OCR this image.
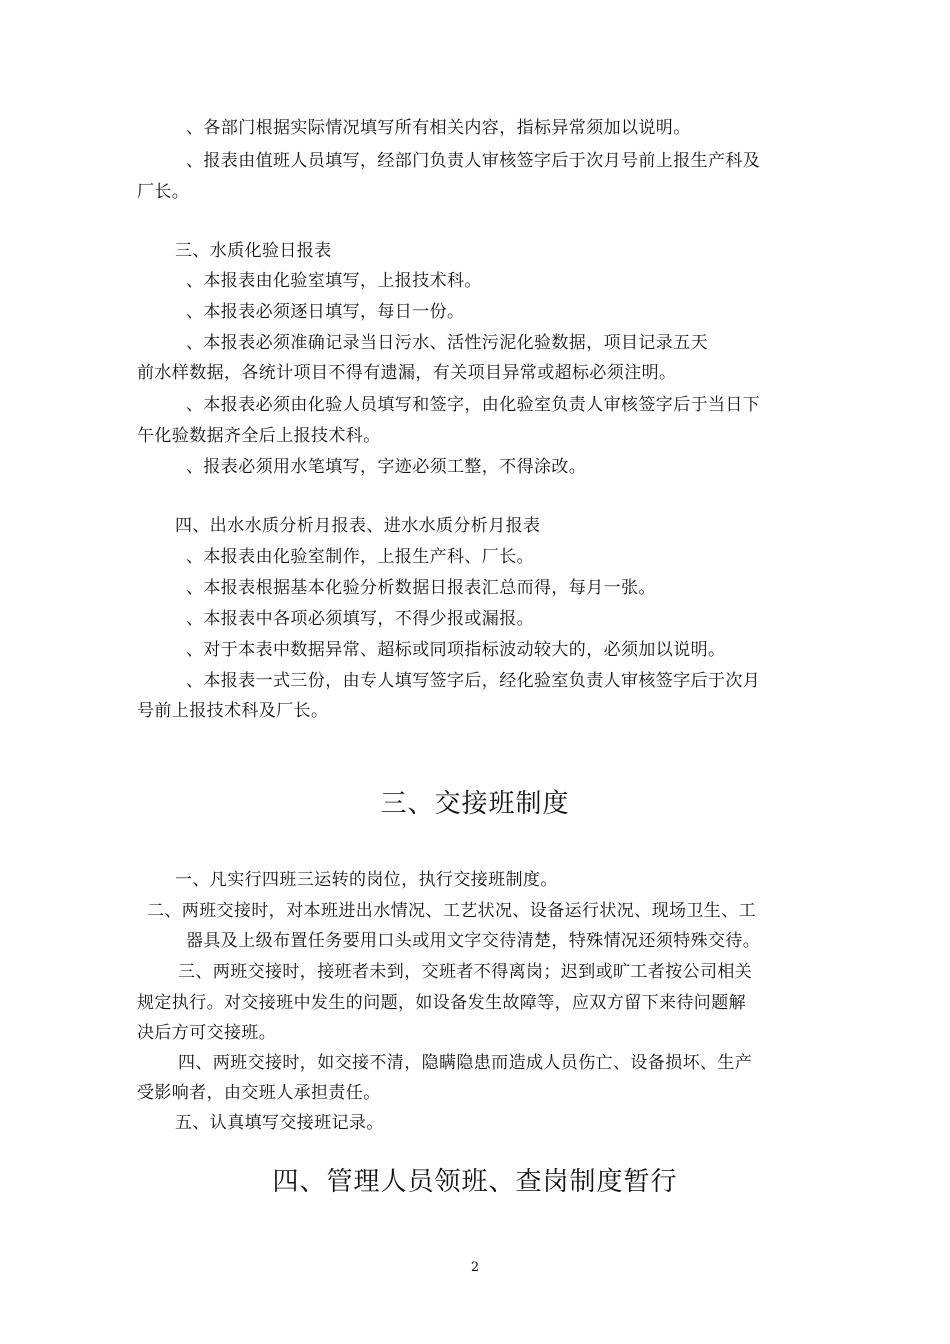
、各部门根据实际情况填写所有相关内容，指标异常须加以说明。
、报表由值班人员填写，经部门负责人审核签字后于次月号前上报生产科及
厂长。
三、水质化验日报表
、本报表由化验室填写，上报技术科。
、本报表必须逐日填写，每日一份。
、本报表必须准确记录当日污水、活性污泥化验数据，项目记录五天
前水样数据，各统计项目不得有遗漏，有关项目异常或超标必须注明。
、本报表必须由化验人员填写和签字，由化验室负责人审核签字后于当日下
午化验数据齐全后上报技术科。
、报表必须用水笔填写，字迹必须工整，不得涂改。
四、出水水质分析月报表、进水水质分析月报表
、本报表由化验室制作，上报生产科、厂长。
、本报表根据基本化验分析数据日报表汇总而得，每月一张。
、本报表中各项必须填写，不得少报或漏报。
、对于本表中数据异常、超标或同项指标波动较大的，必须加以说明。
、本报表一式三份，由专人填写签字后，经化验室负责人审核签字后于次月
号前上报技术科及厂长。
三、交接班制度
一、凡实行四班三运转的岗位，执行交接班制度。
二、两班交接时，对本班进出水情况、工艺状况、设备运行状况、现场卫生、工
器具及上级布置任务要用口头或用文字交待清楚，特殊情况还须特殊交待。
三、两班交接时，接班者未到，交班者不得离岗；迟到或旷工者按公司相关
规定执行。对交接班中发生的问题，如设备发生故障等，应双方留下来待问题解
决后方可交接班。
四、两班交接时，如交接不清，隐瞒隐患而造成人员伤亡、设备损坏、生产
受影响者，由交班人承担责任。
五、认真填写交接班记录。
四、管理人员领班、查岗制度暂行
2
